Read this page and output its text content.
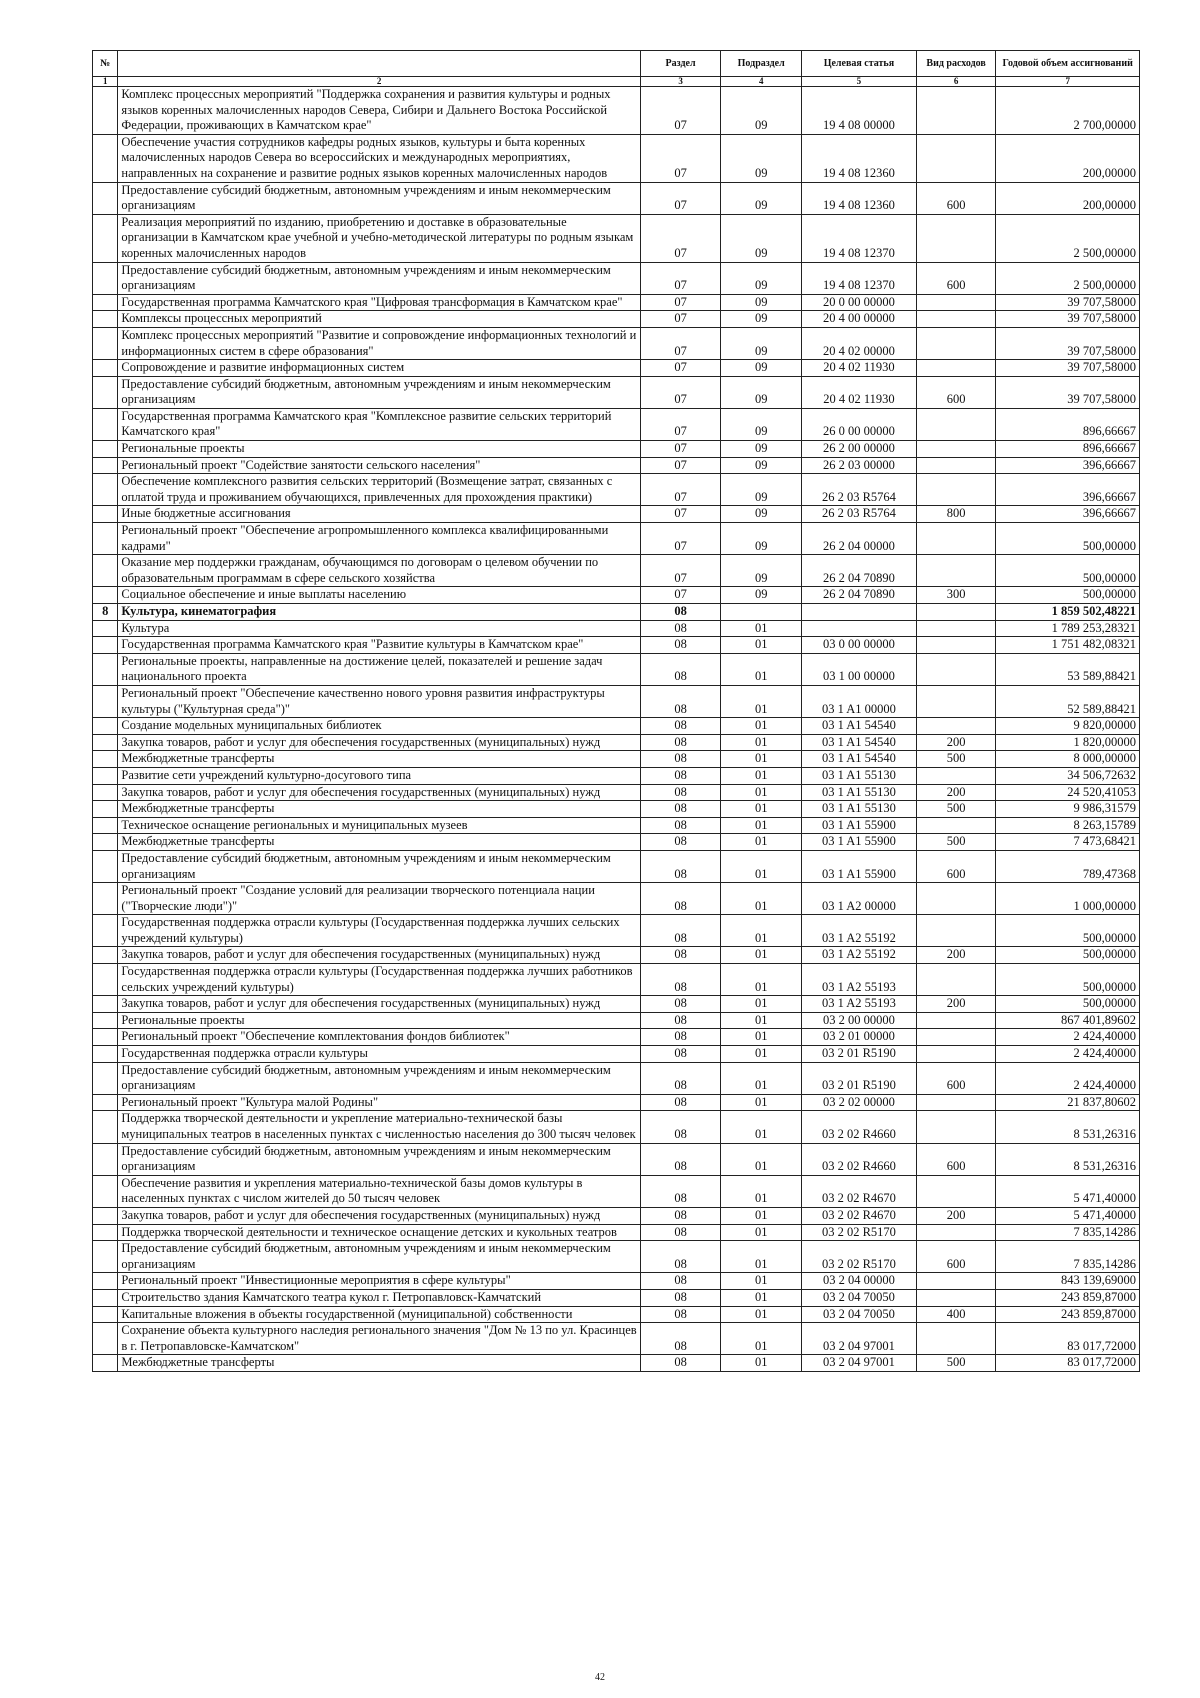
№		Раздел	Подраздел	Целевая статья	Вид расходов	Годовой объем ассигнований
1	2	3	4	5	6	7
	Комплекс процессных мероприятий "Поддержка сохранения и развития культуры и родных языков коренных малочисленных народов Севера, Сибири и Дальнего Востока Российской Федерации, проживающих в Камчатском крае"	07	09	19 4 08 00000		2 700,00000
	Обеспечение участия сотрудников кафедры родных языков, культуры и быта коренных малочисленных народов Севера во всероссийских и международных мероприятиях, направленных на сохранение и развитие родных языков коренных малочисленных народов	07	09	19 4 08 12360		200,00000
	Предоставление субсидий бюджетным, автономным учреждениям и иным некоммерческим организациям	07	09	19 4 08 12360	600	200,00000
	Реализация мероприятий по изданию, приобретению и доставке в образовательные организации в Камчатском крае учебной и учебно-методической литературы по родным языкам коренных малочисленных народов	07	09	19 4 08 12370		2 500,00000
	Предоставление субсидий бюджетным, автономным учреждениям и иным некоммерческим организациям	07	09	19 4 08 12370	600	2 500,00000
	Государственная программа Камчатского края "Цифровая трансформация в Камчатском крае"	07	09	20 0 00 00000		39 707,58000
	Комплексы процессных мероприятий	07	09	20 4 00 00000		39 707,58000
	Комплекс процессных мероприятий "Развитие и сопровождение информационных технологий и информационных систем в сфере образования"	07	09	20 4 02 00000		39 707,58000
	Сопровождение и развитие информационных систем	07	09	20 4 02 11930		39 707,58000
	Предоставление субсидий бюджетным, автономным учреждениям и иным некоммерческим организациям	07	09	20 4 02 11930	600	39 707,58000
	Государственная программа Камчатского края "Комплексное развитие сельских территорий Камчатского края"	07	09	26 0 00 00000		896,66667
	Региональные проекты	07	09	26 2 00 00000		896,66667
	Региональный проект "Содействие занятости сельского населения"	07	09	26 2 03 00000		396,66667
	Обеспечение комплексного развития сельских территорий (Возмещение затрат, связанных с оплатой труда и проживанием обучающихся, привлеченных для прохождения практики)	07	09	26 2 03 R5764		396,66667
	Иные бюджетные ассигнования	07	09	26 2 03 R5764	800	396,66667
	Региональный проект "Обеспечение агропромышленного комплекса квалифицированными кадрами"	07	09	26 2 04 00000		500,00000
	Оказание мер поддержки гражданам, обучающимся по договорам о целевом обучении по образовательным программам в сфере сельского хозяйства	07	09	26 2 04 70890		500,00000
	Социальное обеспечение и иные выплаты населению	07	09	26 2 04 70890	300	500,00000
8	Культура, кинематография	08				1 859 502,48221
	Культура	08	01			1 789 253,28321
	Государственная программа Камчатского края "Развитие культуры в Камчатском крае"	08	01	03 0 00 00000		1 751 482,08321
	Региональные проекты, направленные на достижение целей, показателей и решение задач национального проекта	08	01	03 1 00 00000		53 589,88421
	Региональный проект "Обеспечение качественно нового уровня развития инфраструктуры культуры ("Культурная среда")"	08	01	03 1 A1 00000		52 589,88421
	Создание модельных муниципальных библиотек	08	01	03 1 A1 54540		9 820,00000
	Закупка товаров, работ и услуг для обеспечения государственных (муниципальных) нужд	08	01	03 1 A1 54540	200	1 820,00000
	Межбюджетные трансферты	08	01	03 1 A1 54540	500	8 000,00000
	Развитие сети учреждений культурно-досугового типа	08	01	03 1 A1 55130		34 506,72632
	Закупка товаров, работ и услуг для обеспечения государственных (муниципальных) нужд	08	01	03 1 A1 55130	200	24 520,41053
	Межбюджетные трансферты	08	01	03 1 A1 55130	500	9 986,31579
	Техническое оснащение региональных и муниципальных музеев	08	01	03 1 A1 55900		8 263,15789
	Межбюджетные трансферты	08	01	03 1 A1 55900	500	7 473,68421
	Предоставление субсидий бюджетным, автономным учреждениям и иным некоммерческим организациям	08	01	03 1 A1 55900	600	789,47368
	Региональный проект "Создание условий для реализации творческого потенциала нации ("Творческие люди")"	08	01	03 1 A2 00000		1 000,00000
	Государственная поддержка отрасли культуры (Государственная поддержка лучших сельских учреждений культуры)	08	01	03 1 A2 55192		500,00000
	Закупка товаров, работ и услуг для обеспечения государственных (муниципальных) нужд	08	01	03 1 A2 55192	200	500,00000
	Государственная поддержка отрасли культуры (Государственная поддержка лучших работников сельских учреждений культуры)	08	01	03 1 A2 55193		500,00000
	Закупка товаров, работ и услуг для обеспечения государственных (муниципальных) нужд	08	01	03 1 A2 55193	200	500,00000
	Региональные проекты	08	01	03 2 00 00000		867 401,89602
	Региональный проект "Обеспечение комплектования фондов библиотек"	08	01	03 2 01 00000		2 424,40000
	Государственная поддержка отрасли культуры	08	01	03 2 01 R5190		2 424,40000
	Предоставление субсидий бюджетным, автономным учреждениям и иным некоммерческим организациям	08	01	03 2 01 R5190	600	2 424,40000
	Региональный проект "Культура малой Родины"	08	01	03 2 02 00000		21 837,80602
	Поддержка творческой деятельности и укрепление материально-технической базы муниципальных театров в населенных пунктах с численностью населения до 300 тысяч человек	08	01	03 2 02 R4660		8 531,26316
	Предоставление субсидий бюджетным, автономным учреждениям и иным некоммерческим организациям	08	01	03 2 02 R4660	600	8 531,26316
	Обеспечение развития и укрепления материально-технической базы домов культуры в населенных пунктах с числом жителей до 50 тысяч человек	08	01	03 2 02 R4670		5 471,40000
	Закупка товаров, работ и услуг для обеспечения государственных (муниципальных) нужд	08	01	03 2 02 R4670	200	5 471,40000
	Поддержка творческой деятельности и техническое оснащение детских и кукольных театров	08	01	03 2 02 R5170		7 835,14286
	Предоставление субсидий бюджетным, автономным учреждениям и иным некоммерческим организациям	08	01	03 2 02 R5170	600	7 835,14286
	Региональный проект "Инвестиционные мероприятия в сфере культуры"	08	01	03 2 04 00000		843 139,69000
	Строительство здания Камчатского театра кукол г. Петропавловск-Камчатский	08	01	03 2 04 70050		243 859,87000
	Капитальные вложения в объекты государственной (муниципальной) собственности	08	01	03 2 04 70050	400	243 859,87000
	Сохранение объекта культурного наследия регионального значения "Дом № 13 по ул. Красинцев в г. Петропавловске-Камчатском"	08	01	03 2 04 97001		83 017,72000
	Межбюджетные трансферты	08	01	03 2 04 97001	500	83 017,72000
42
